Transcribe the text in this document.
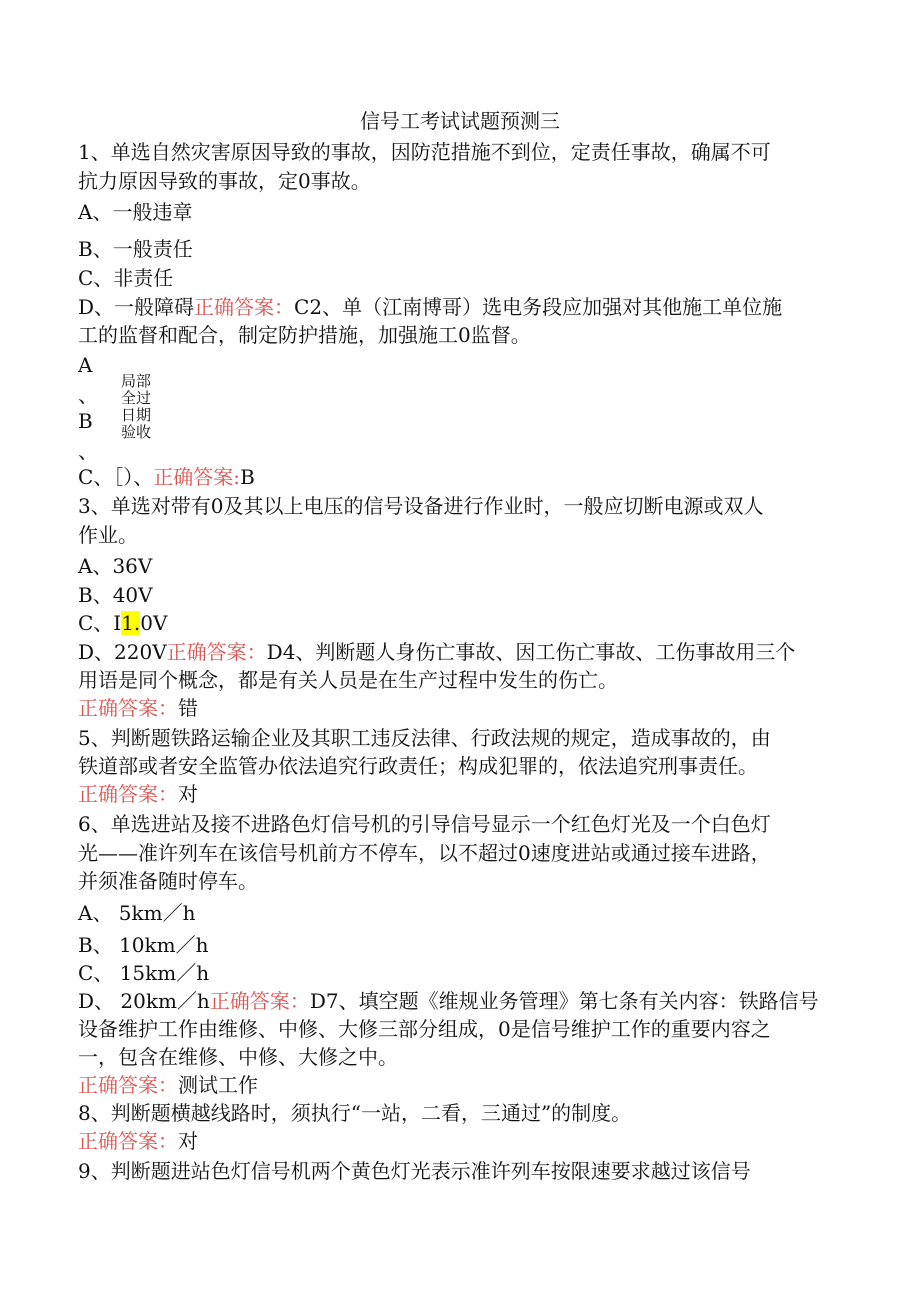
信号工考试试题预测三
1、单选自然灾害原因导致的事故，因防范措施不到位，定责任事故，确属不可
抗力原因导致的事故，定0事故。
A、一般违章
B、一般责任
C、非责任
D、一般障碍正确答案：C2、单（江南博哥）选电务段应加强对其他施工单位施
工的监督和配合，制定防护措施，加强施工0监督。
A
、
B
、
局部
全过
日期
验收
C、［）、正确答案:B
3、单选对带有0及其以上电压的信号设备进行作业时，一般应切断电源或双人
作业。
A、36V
B、40V
C、I1.0V
D、220V正确答案：D4、判断题人身伤亡事故、因工伤亡事故、工伤事故用三个
用语是同个概念，都是有关人员是在生产过程中发生的伤亡。
正确答案：错
5、判断题铁路运输企业及其职工违反法律、行政法规的规定，造成事故的，由
铁道部或者安全监管办依法追究行政责任；构成犯罪的，依法追究刑事责任。
正确答案：对
6、单选进站及接不进路色灯信号机的引导信号显示一个红色灯光及一个白色灯
光——准许列车在该信号机前方不停车，以不超过0速度进站或通过接车进路，
并须准备随时停车。
A、 5km／h
B、 10km／h
C、 15km／h
D、 20km／h正确答案：D7、填空题《维规业务管理》第七条有关内容：铁路信号
设备维护工作由维修、中修、大修三部分组成，0是信号维护工作的重要内容之
一，包含在维修、中修、大修之中。
正确答案：测试工作
8、判断题横越线路时，须执行“一站，二看，三通过”的制度。
正确答案：对
9、判断题进站色灯信号机两个黄色灯光表示准许列车按限速要求越过该信号
